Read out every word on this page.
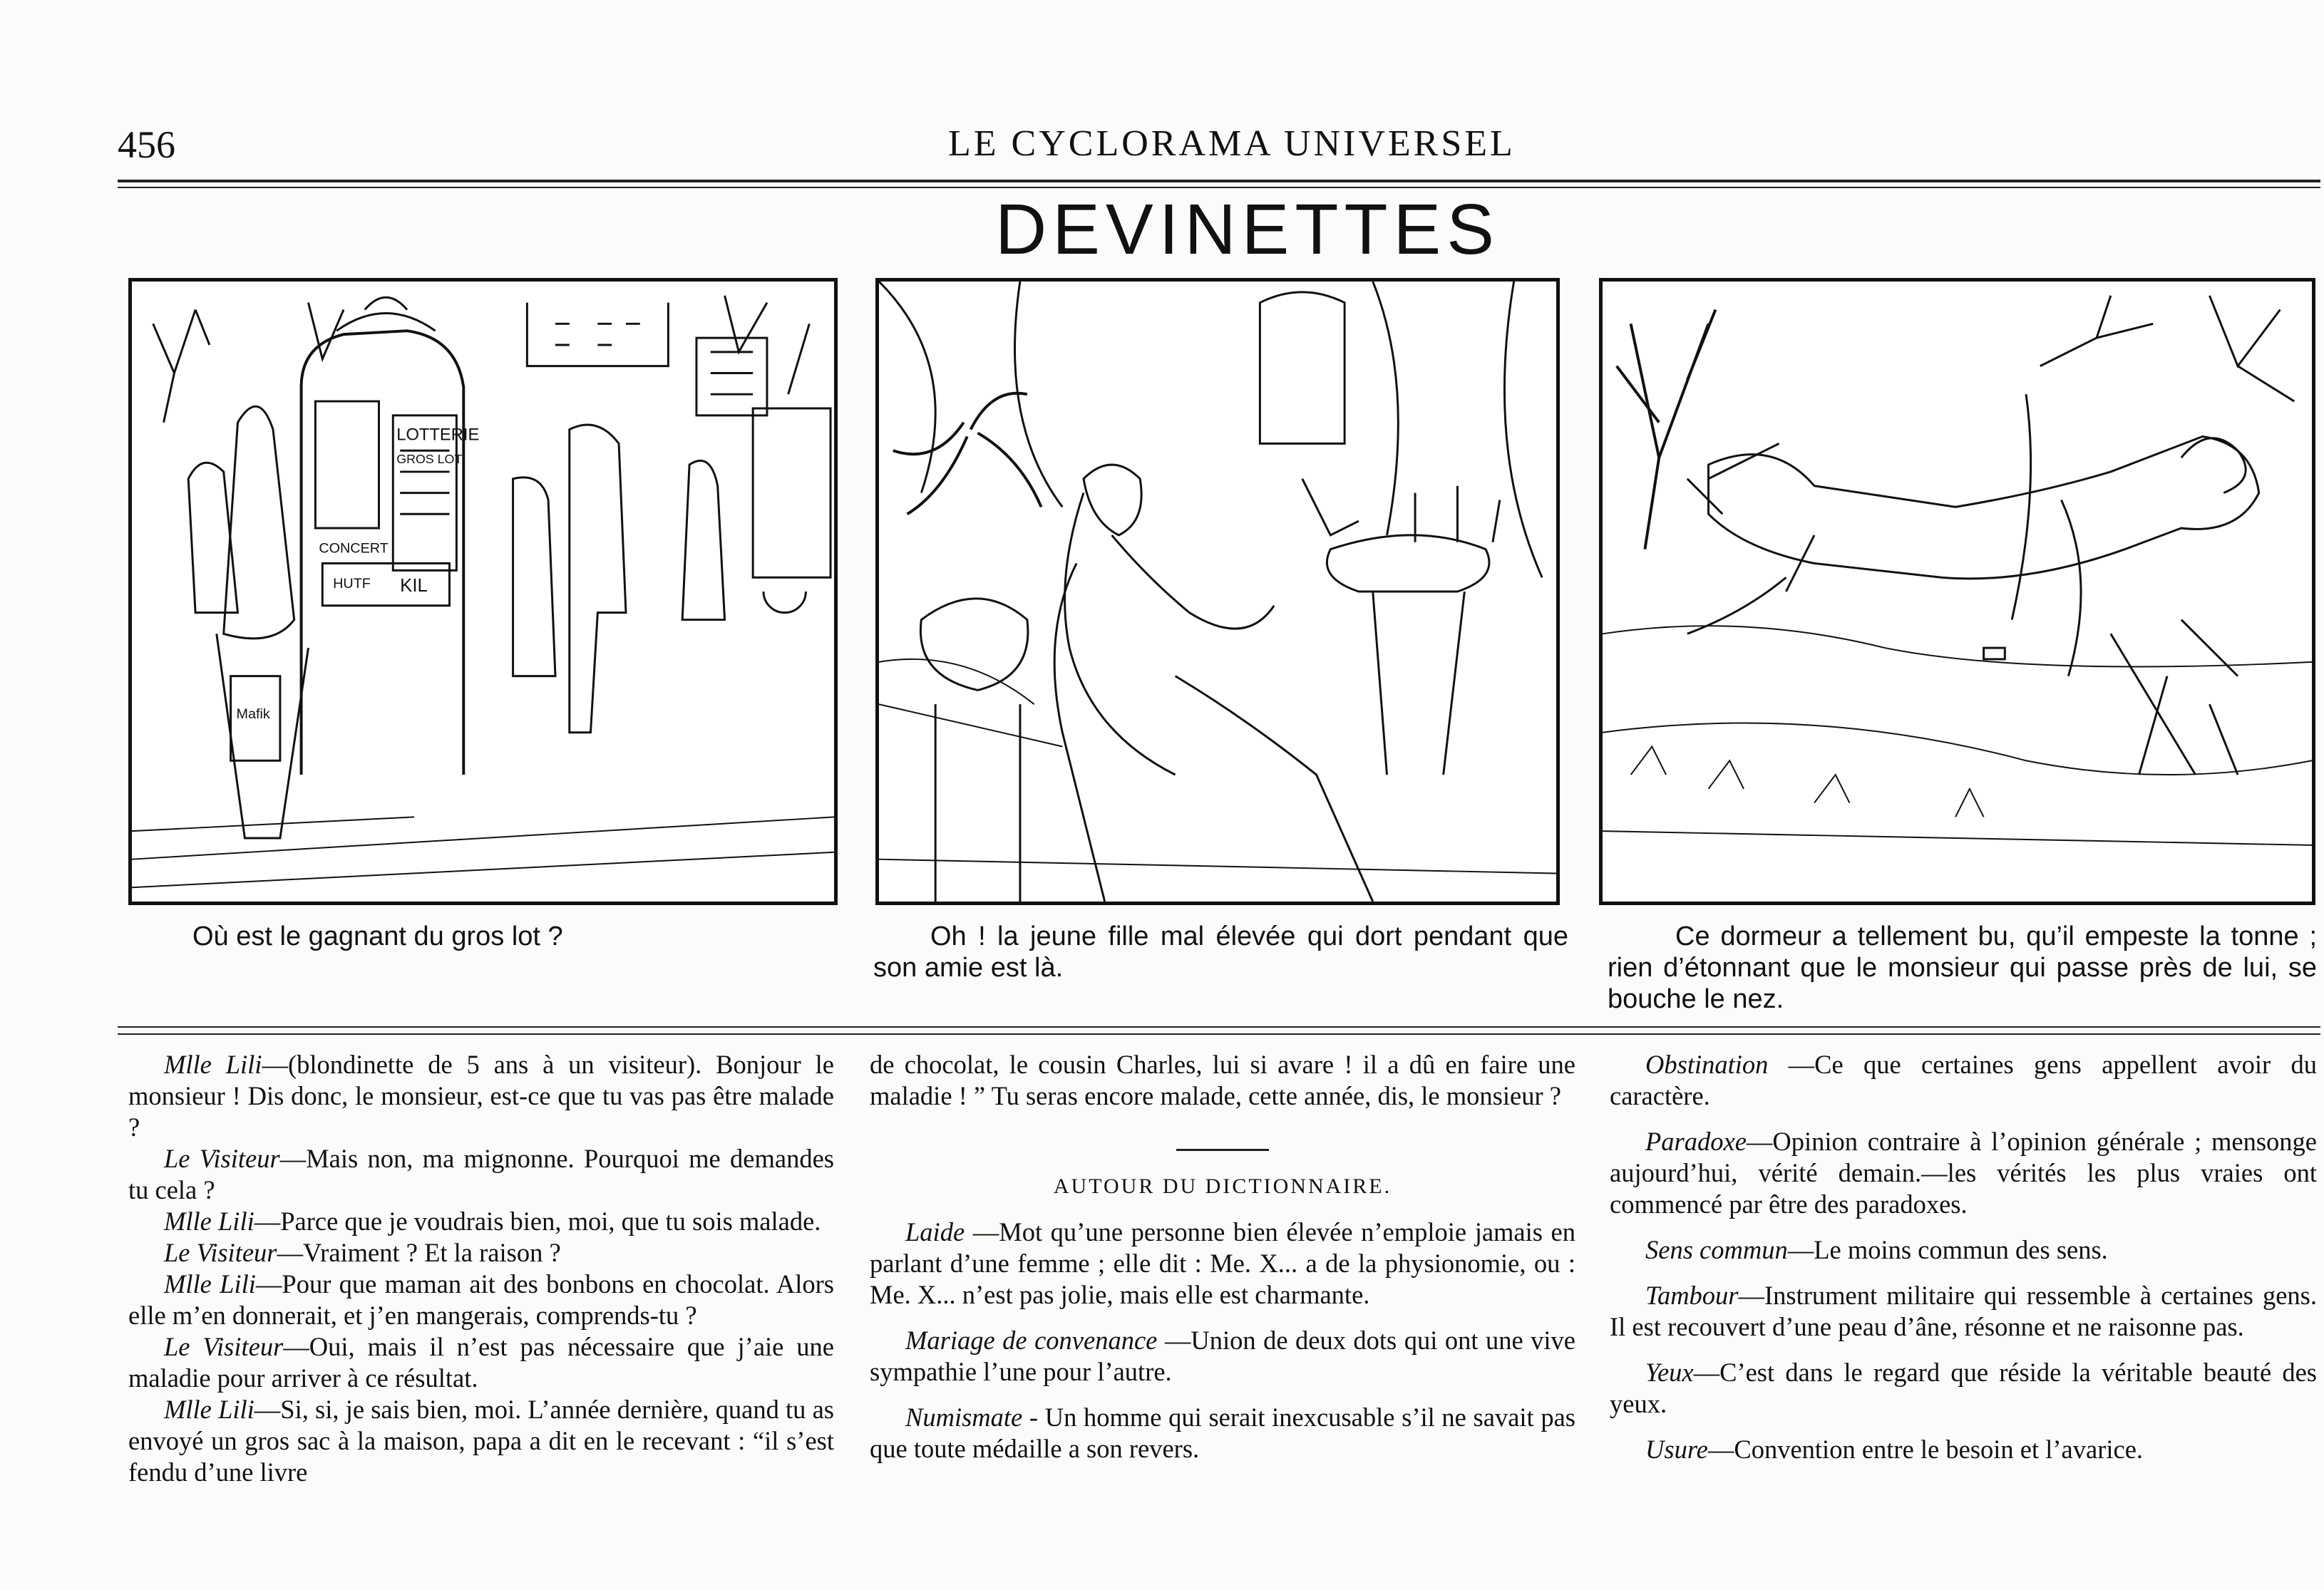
456	LE CYCLORAMA UNIVERSEL
DEVINETTES
LOTTERIE
GROS LOT
CONCERT
HUTF KIL
Mafik
Où est le gagnant du gros lot ?	Oh ! la jeune fille mal élevée qui dort pendant que son amie est là.
Ce dormeur a tellement bu, qu’il empeste la tonne ; rien d’étonnant que le monsieur qui passe près de lui, se bouche le nez.

Mlle Lili—(blondinette de 5 ans à un visiteur). Bonjour le monsieur ! Dis donc, le monsieur, est-ce que tu vas pas être malade ?

Le Visiteur—Mais non, ma mignonne. Pourquoi me demandes tu cela ?

Mlle Lili—Parce que je voudrais bien, moi, que tu sois malade.

Le Visiteur—Vraiment ? Et la raison ?

Mlle Lili—Pour que maman ait des bonbons en chocolat. Alors elle m’en donnerait, et j’en mangerais, comprends-tu ?

Le Visiteur—Oui, mais il n’est pas nécessaire que j’aie une maladie pour arriver à ce résultat.

Mlle Lili—Si, si, je sais bien, moi. L’année dernière, quand tu as envoyé un gros sac à la maison, papa a dit en le recevant : “il s’est fendu d’une livre

de chocolat, le cousin Charles, lui si avare ! il a dû en faire une maladie ! ” Tu seras encore malade, cette année, dis, le monsieur ?

AUTOUR DU DICTIONNAIRE.

Laide —Mot qu’une personne bien élevée n’emploie jamais en parlant d’une femme ; elle dit : Me. X... a de la physionomie, ou : Me. X... n’est pas jolie, mais elle est charmante.

Mariage de convenance —Union de deux dots qui ont une vive sympathie l’une pour l’autre.

Numismate - Un homme qui serait inexcusable s’il ne savait pas que toute médaille a son revers.

Obstination —Ce que certaines gens appellent avoir du caractère.

Paradoxe—Opinion contraire à l’opinion générale ; mensonge aujourd’hui, vérité demain.—les vérités les plus vraies ont commencé par être des paradoxes.

Sens commun—Le moins commun des sens.

Tambour—Instrument militaire qui ressemble à certaines gens. Il est recouvert d’une peau d’âne, résonne et ne raisonne pas.

Yeux—C’est dans le regard que réside la véritable beauté des yeux.

Usure—Convention entre le besoin et l’avarice.
